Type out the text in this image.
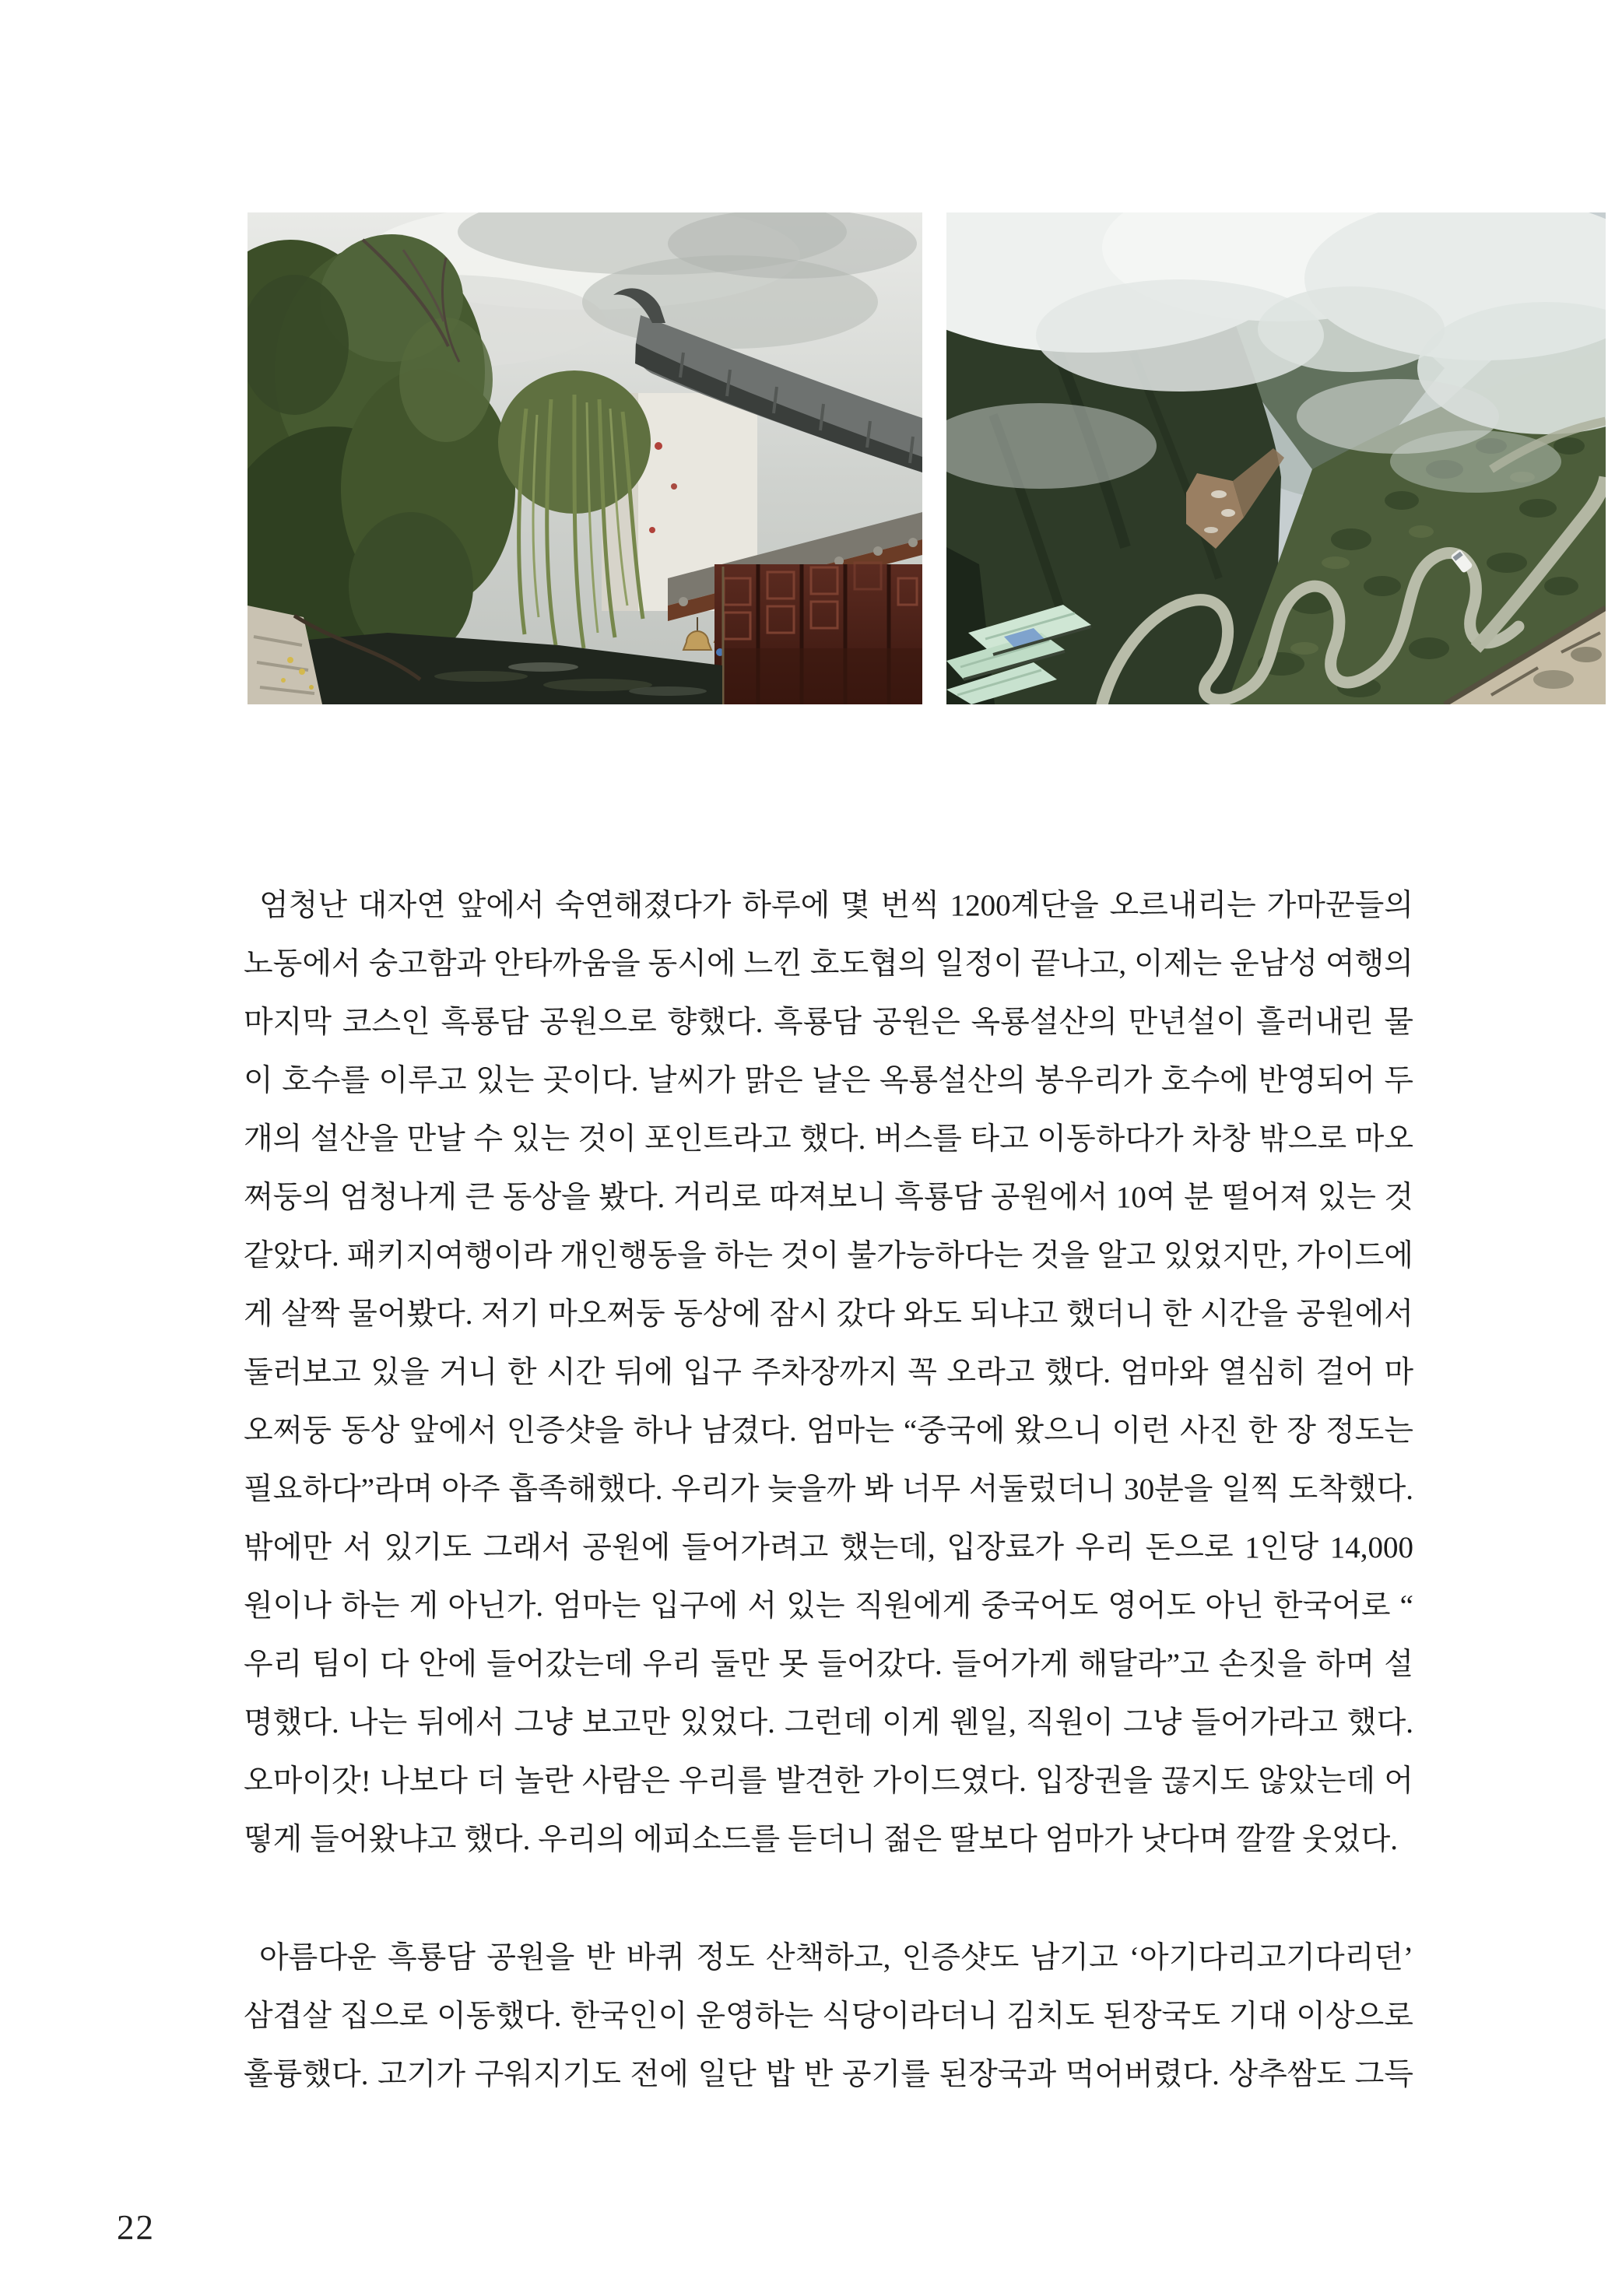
엄청난 대자연 앞에서 숙연해졌다가 하루에 몇 번씩 1200계단을 오르내리는 가마꾼들의
노동에서 숭고함과 안타까움을 동시에 느낀 호도협의 일정이 끝나고, 이제는 운남성 여행의
마지막 코스인 흑룡담 공원으로 향했다. 흑룡담 공원은 옥룡설산의 만년설이 흘러내린 물
이 호수를 이루고 있는 곳이다. 날씨가 맑은 날은 옥룡설산의 봉우리가 호수에 반영되어 두
개의 설산을 만날 수 있는 것이 포인트라고 했다. 버스를 타고 이동하다가 차창 밖으로 마오
쩌둥의 엄청나게 큰 동상을 봤다. 거리로 따져보니 흑룡담 공원에서 10여 분 떨어져 있는 것
같았다. 패키지여행이라 개인행동을 하는 것이 불가능하다는 것을 알고 있었지만, 가이드에
게 살짝 물어봤다. 저기 마오쩌둥 동상에 잠시 갔다 와도 되냐고 했더니 한 시간을 공원에서
둘러보고 있을 거니 한 시간 뒤에 입구 주차장까지 꼭 오라고 했다. 엄마와 열심히 걸어 마
오쩌둥 동상 앞에서 인증샷을 하나 남겼다. 엄마는 “중국에 왔으니 이런 사진 한 장 정도는
필요하다”라며 아주 흡족해했다. 우리가 늦을까 봐 너무 서둘렀더니 30분을 일찍 도착했다.
밖에만 서 있기도 그래서 공원에 들어가려고 했는데, 입장료가 우리 돈으로 1인당 14,000
원이나 하는 게 아닌가. 엄마는 입구에 서 있는 직원에게 중국어도 영어도 아닌 한국어로 “
우리 팀이 다 안에 들어갔는데 우리 둘만 못 들어갔다. 들어가게 해달라”고 손짓을 하며 설
명했다. 나는 뒤에서 그냥 보고만 있었다. 그런데 이게 웬일, 직원이 그냥 들어가라고 했다.
오마이갓! 나보다 더 놀란 사람은 우리를 발견한 가이드였다. 입장권을 끊지도 않았는데 어
떻게 들어왔냐고 했다. 우리의 에피소드를 듣더니 젊은 딸보다 엄마가 낫다며 깔깔 웃었다.
아름다운 흑룡담 공원을 반 바퀴 정도 산책하고, 인증샷도 남기고 ‘아기다리고기다리던’
삼겹살 집으로 이동했다. 한국인이 운영하는 식당이라더니 김치도 된장국도 기대 이상으로
훌륭했다. 고기가 구워지기도 전에 일단 밥 반 공기를 된장국과 먹어버렸다. 상추쌈도 그득
22
